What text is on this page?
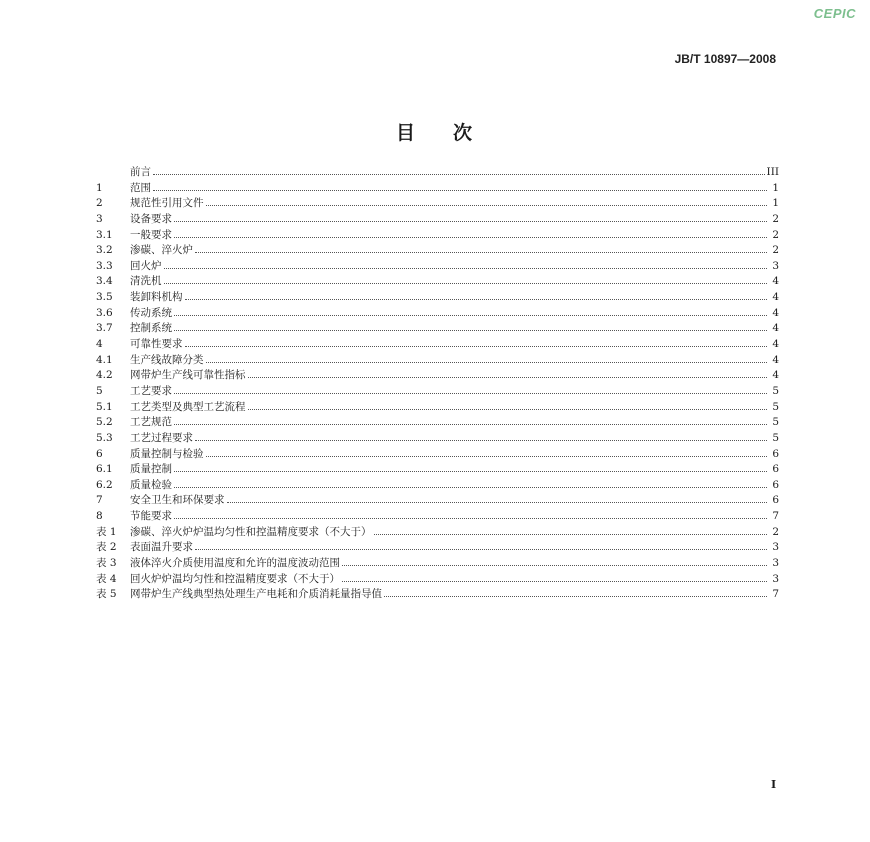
CEPIC
JB/T 10897—2008
目 次
前言	III
1	范围	1
2	规范性引用文件	1
3	设备要求	2
3.1	一般要求	2
3.2	渗碳、淬火炉	2
3.3	回火炉	3
3.4	清洗机	4
3.5	装卸料机构	4
3.6	传动系统	4
3.7	控制系统	4
4	可靠性要求	4
4.1	生产线故障分类	4
4.2	网带炉生产线可靠性指标	4
5	工艺要求	5
5.1	工艺类型及典型工艺流程	5
5.2	工艺规范	5
5.3	工艺过程要求	5
6	质量控制与检验	6
6.1	质量控制	6
6.2	质量检验	6
7	安全卫生和环保要求	6
8	节能要求	7
表 1	渗碳、淬火炉炉温均匀性和控温精度要求（不大于）	2
表 2	表面温升要求	3
表 3	液体淬火介质使用温度和允许的温度波动范围	3
表 4	回火炉炉温均匀性和控温精度要求（不大于）	3
表 5	网带炉生产线典型热处理生产电耗和介质消耗量指导值	7
I
